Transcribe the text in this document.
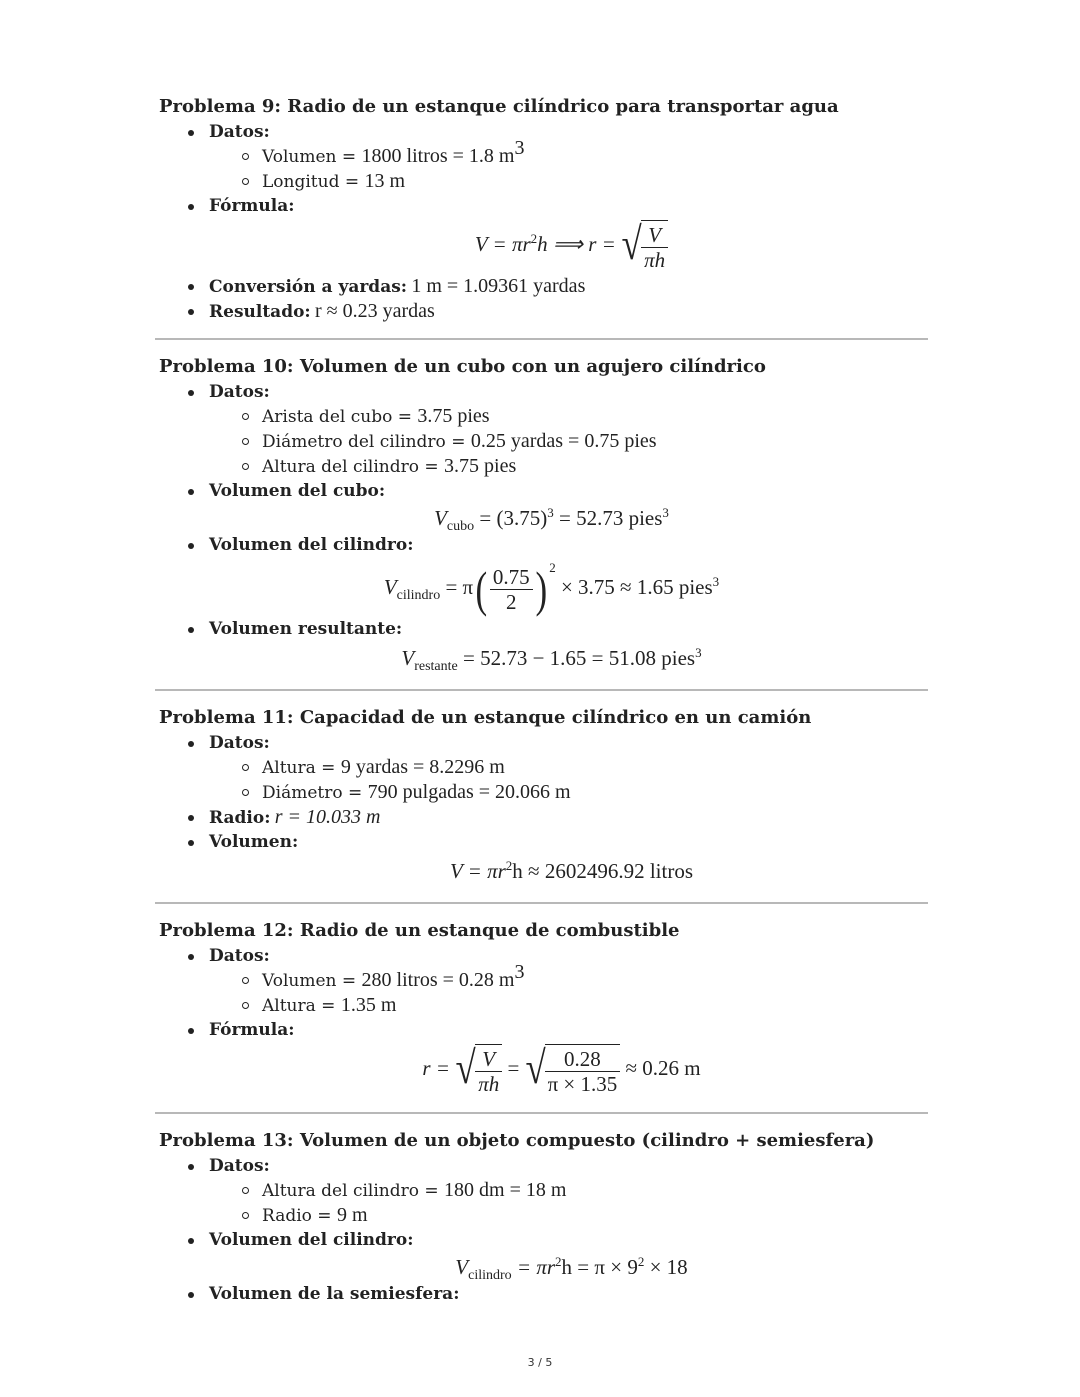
Problema 9: Radio de un estanque cilíndrico para transportar agua
Datos:
Volumen = 1800 litros = 1.8 $m^3$
Longitud = 13 m
Fórmula:
$V = \pi r^2h$ ⟹ r = √ $\frac{V}{\pi h}$
Conversión a yardas: 1 m = 1.09361 yardas
Resultado: r ≈ 0.23 yardas
Problema 10: Volumen de un cubo con un agujero cilíndrico
Datos:
Arista del cubo = 3.75 pies
Diámetro del cilindro = 0.25 yardas = 0.75 pies
Altura del cilindro = 3.75 pies
Volumen del cubo:
$V_{cubo} = (3.75)^3 = 52.73$ pies$^3$
Volumen del cilindro:
$V_{cilindro} = \pi( \frac{0.75}{2}$ ) $^2$ × 3.75 ≈ 1.65 pies$^3$
Volumen resultante:
$V_{restante} = 52.73 - 1.65 = 51.08$ pies$^3$
Problema 11: Capacidad de un estanque cilíndrico en un camión
Datos:
Altura = 9 yardas = 8.2296 m
Diámetro = 790 pulgadas = 20.066 m
Radio: r = 10.033 m
Volumen:
$V = \pi r^2h \approx 2602496.92$ litros
Problema 12: Radio de un estanque de combustible
Datos:
Volumen = 280 litros = 0.28 $m^3$
Altura = 1.35 m
Fórmula:
r = √ $\frac{V}{\pi h}$ = √ $\frac{0.28}{\pi \times 1.35} \approx 0.26$ m
Problema 13: Volumen de un objeto compuesto (cilindro + semiesfera)
Datos:
Altura del cilindro = 180 dm = 18 m
Radio = 9 m
Volumen del cilindro:
$V_{cilindro} = \pi r^2h = \pi \times 9^2 \times 18$
Volumen de la semiesfera:
3 / 5
